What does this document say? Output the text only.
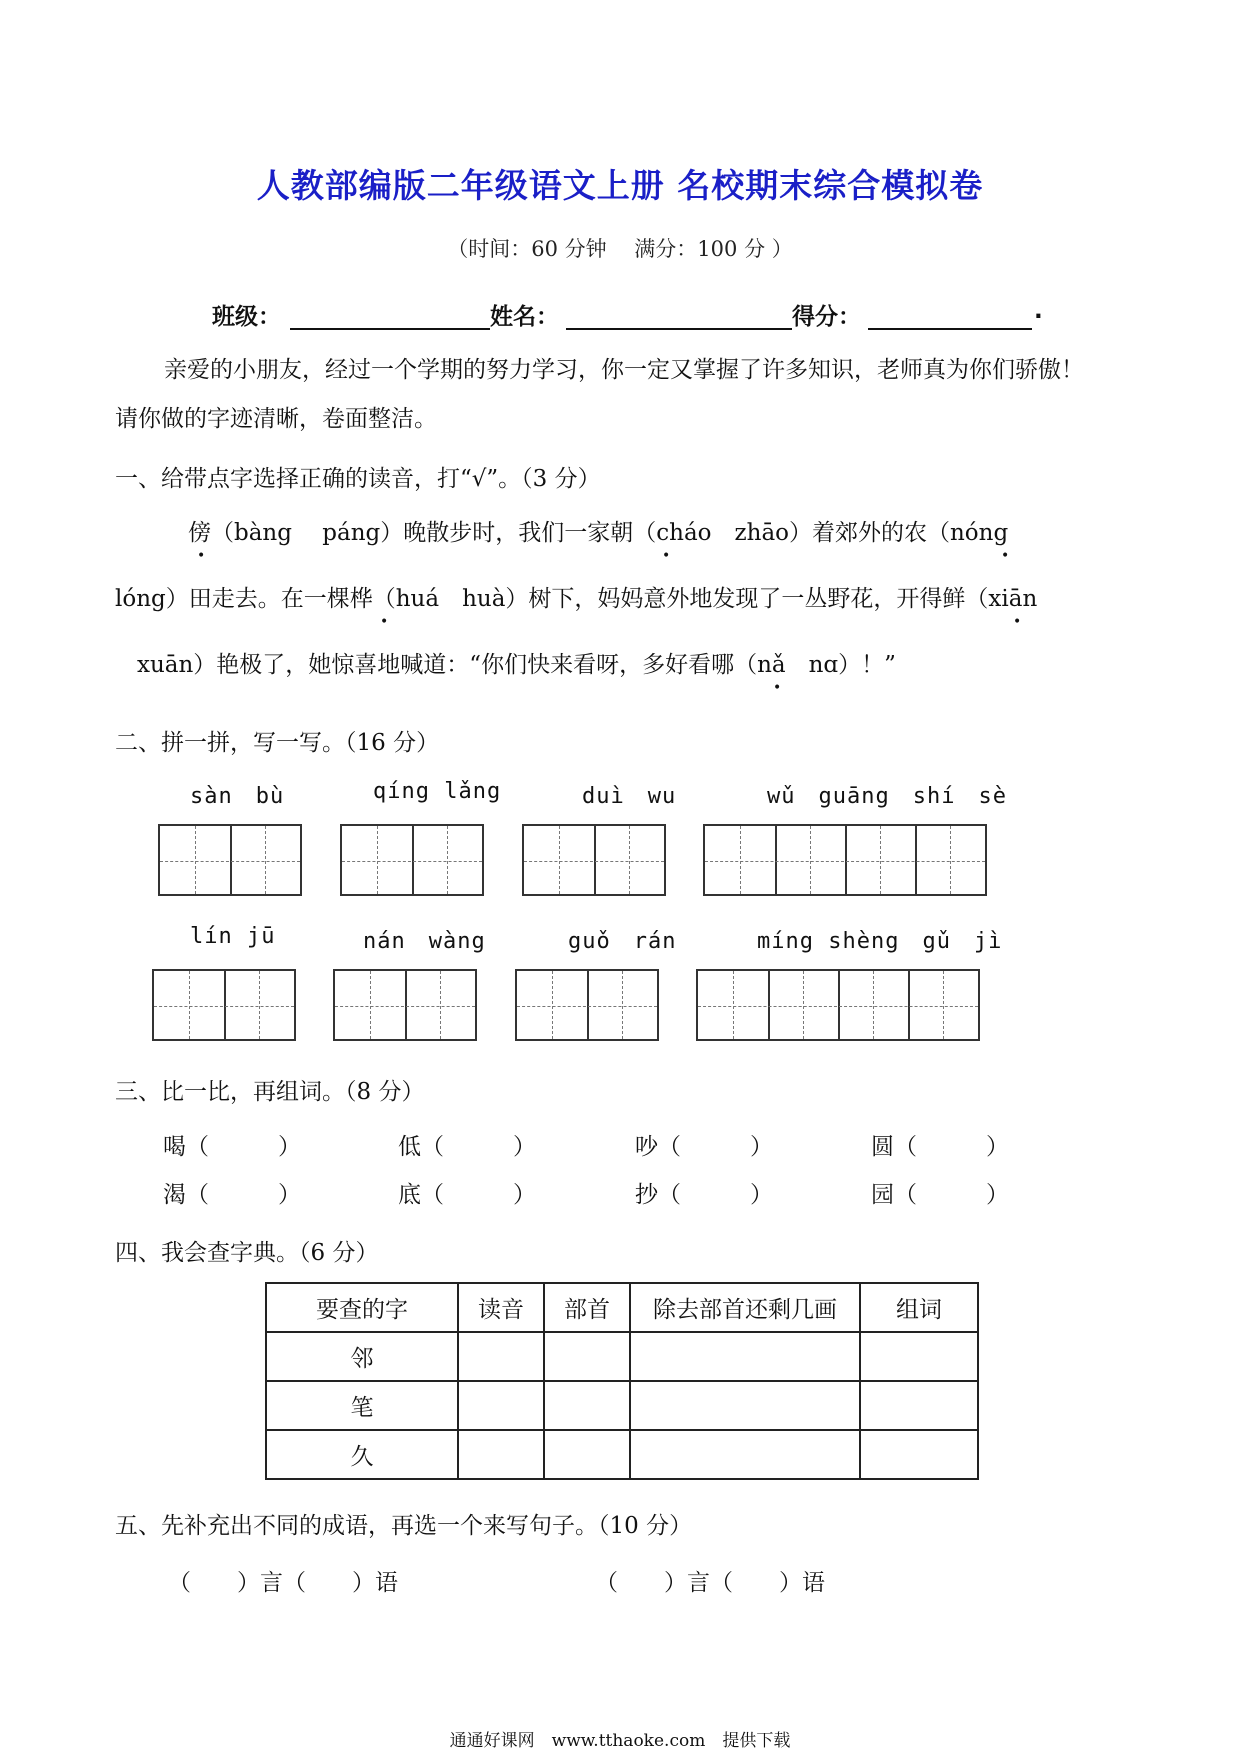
人教部编版二年级语文上册 名校期末综合模拟卷
（时间：60 分钟　 满分：100 分 ）
班级：	姓名：	得分：	.
亲爱的小朋友，经过一个学期的努力学习，你一定又掌握了许多知识，老师真为你们骄傲！
请你做的字迹清晰，卷面整洁。
一、给带点字选择正确的读音，打“√”。（3 分）
傍（bàng　 páng）晚散步时，我们一家朝（cháo　zhāo）着郊外的农（nóng
lóng）田走去。在一棵桦（huá　huà）树下，妈妈意外地发现了一丛野花，开得鲜（xiān
xuān）艳极了，她惊喜地喊道：“你们快来看呀，多好看哪（nǎ　nɑ）！”
•	•	•
•	•
•
二、拼一拼，写一写。（16 分）
sàn　bù	qíng lǎng	duì　wu	wǔ　guāng　shí　sè
lín jū	nán　wàng	guǒ　rán	míng shèng　gǔ　jì
三、比一比，再组词。（8 分）
喝（　　　）	低（　　　）	吵（　　　）	圆（　　　）
渴（　　　）	底（　　　）	抄（　　　）	园（　　　）
四、我会查字典。（6 分）
要查的字	读音	部首	除去部首还剩几画	组词
邻				
笔				
久				
五、先补充出不同的成语，再选一个来写句子。（10 分）
（　　）言（　　）语	（　　）言（　　）语
通通好课网　www.tthaoke.com　提供下载
